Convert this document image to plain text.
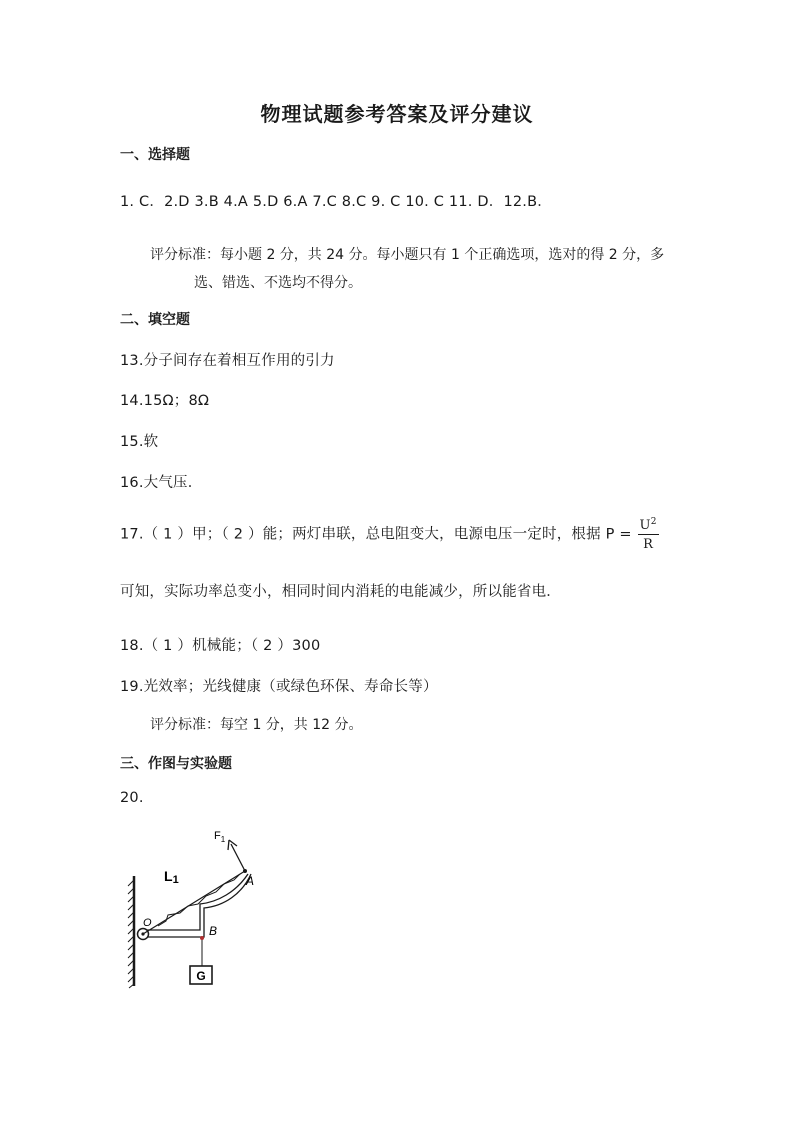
物理试题参考答案及评分建议
一、选择题
1. C．2.D 3.B 4.A 5.D 6.A 7.C 8.C 9. C 10. C 11. D．12.B．
评分标准：每小题 2 分，共 24 分。每小题只有 1 个正确选项，选对的得 2 分，多
选、错选、不选均不得分。
二、填空题
13.分子间存在着相互作用的引力
14.15Ω；8Ω
15.软
16.大气压．
17.（ 1 ）甲；（ 2 ）能；两灯串联，总电阻变大，电源电压一定时，根据 $P = \frac{U^2}{R}$
可知，实际功率总变小，相同时间内消耗的电能减少，所以能省电．
18.（ 1 ）机械能；（ 2 ）300
19.光效率；光线健康（或绿色环保、寿命长等）
评分标准：每空 1 分，共 12 分。
三、作图与实验题
20.
G
$F_1$
L1	A
B
O
